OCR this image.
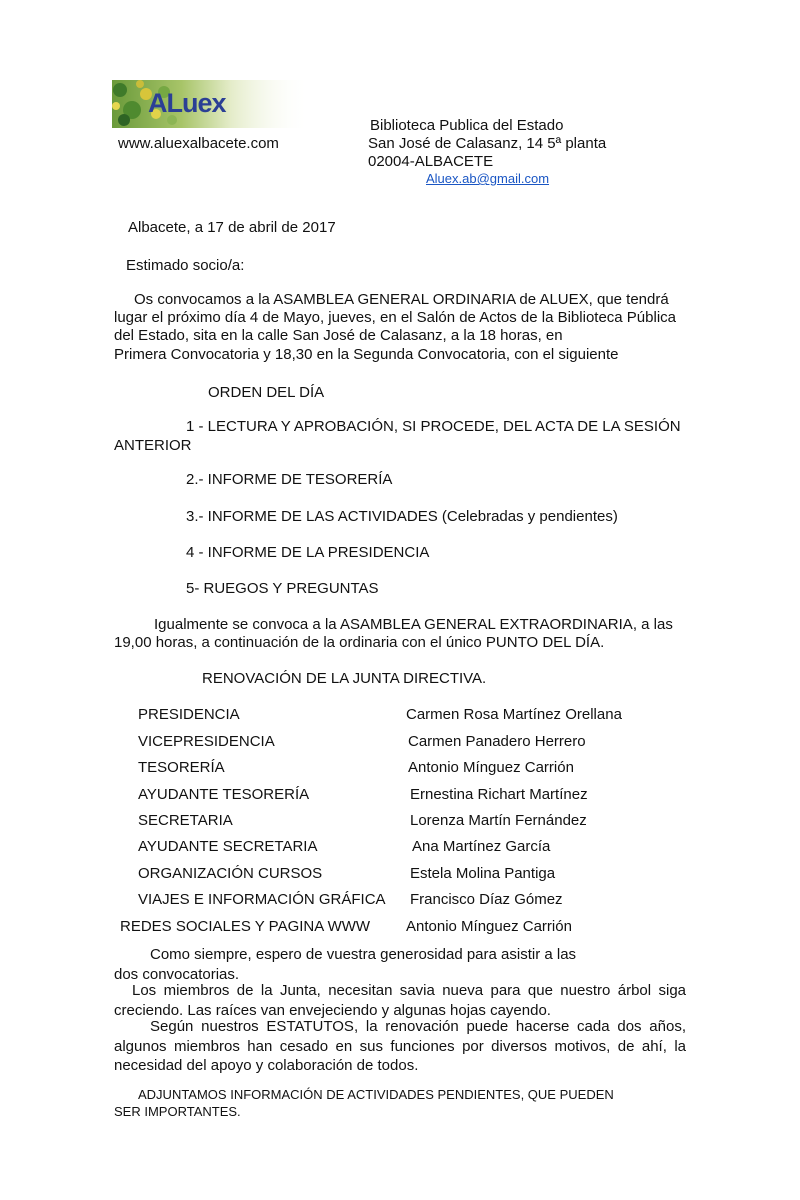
ALuex
www.aluexalbacete.com
Biblioteca Publica del Estado
San José de Calasanz, 14 5ª planta
02004-ALBACETE
Aluex.ab@gmail.com
Albacete, a 17 de abril de 2017
Estimado socio/a:
Os convocamos a la ASAMBLEA GENERAL ORDINARIA de ALUEX, que tendrá
lugar el próximo día 4 de Mayo, jueves, en el Salón de Actos de la Biblioteca Pública
del Estado, sita en la calle San José de Calasanz, a la 18 horas, en
Primera Convocatoria y 18,30 en la Segunda Convocatoria, con el siguiente
ORDEN DEL DÍA
1 - LECTURA Y APROBACIÓN, SI PROCEDE, DEL ACTA DE LA SESIÓN
ANTERIOR
2.- INFORME DE TESORERÍA
3.- INFORME DE LAS ACTIVIDADES (Celebradas y pendientes)
4 - INFORME DE LA PRESIDENCIA
5- RUEGOS Y PREGUNTAS
Igualmente se convoca a la ASAMBLEA GENERAL EXTRAORDINARIA, a las
19,00 horas, a continuación de la ordinaria con el único PUNTO DEL DÍA.
RENOVACIÓN DE LA JUNTA DIRECTIVA.
PRESIDENCIA	Carmen Rosa Martínez Orellana
VICEPRESIDENCIA	Carmen Panadero Herrero
TESORERÍA	Antonio Mínguez Carrión
AYUDANTE TESORERÍA	Ernestina Richart Martínez
SECRETARIA	Lorenza Martín Fernández
AYUDANTE SECRETARIA	Ana Martínez García
ORGANIZACIÓN CURSOS	Estela Molina Pantiga
VIAJES E INFORMACIÓN GRÁFICA Francisco Díaz Gómez
REDES SOCIALES Y PAGINA WWW Antonio Mínguez Carrión
Como siempre, espero de vuestra generosidad para asistir a las dos convocatorias.
Los miembros de la Junta, necesitan savia nueva para que nuestro árbol siga creciendo. Las raíces van envejeciendo y algunas hojas cayendo.
Según nuestros ESTATUTOS, la renovación puede hacerse cada dos años, algunos miembros han cesado en sus funciones por diversos motivos, de ahí, la necesidad del apoyo y colaboración de todos.
ADJUNTAMOS INFORMACIÓN DE ACTIVIDADES PENDIENTES, QUE PUEDEN SER IMPORTANTES.
